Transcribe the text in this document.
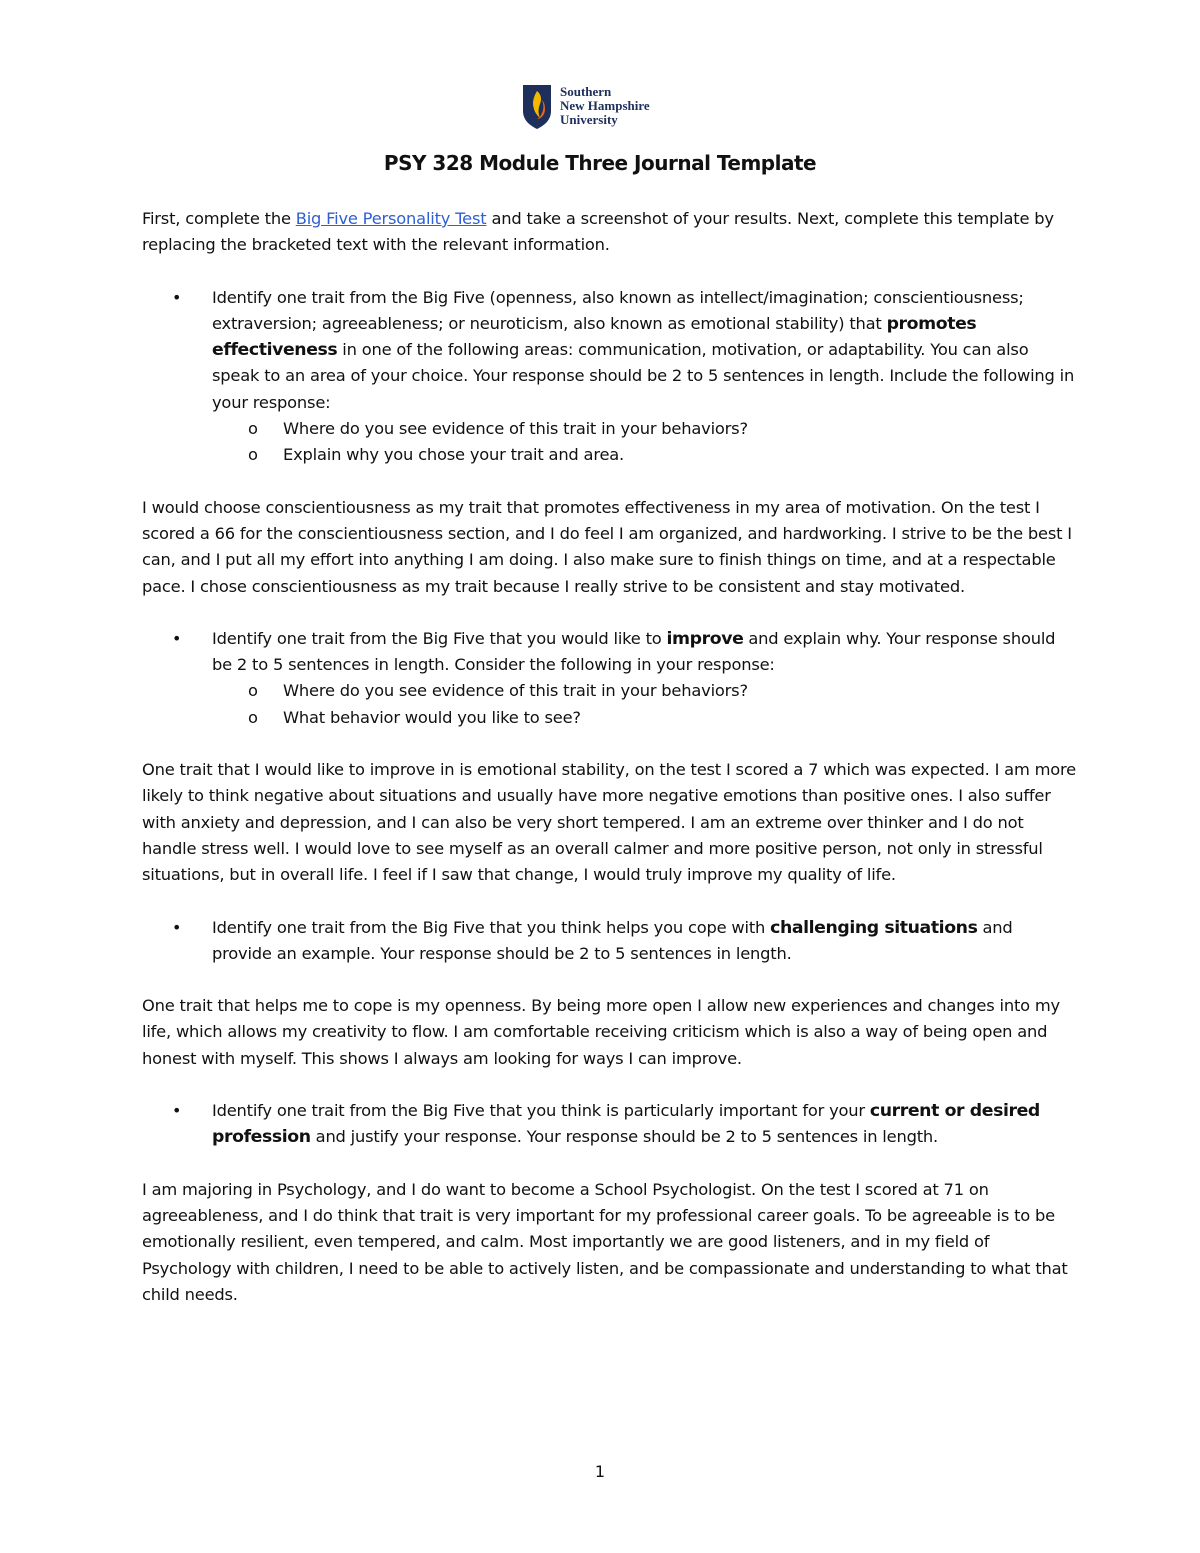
Southern
New Hampshire
University
PSY 328 Module Three Journal Template

First, complete the Big Five Personality Test and take a screenshot of your results. Next, complete this template by replacing the bracketed text with the relevant information.

• Identify one trait from the Big Five (openness, also known as intellect/imagination; conscientiousness; extraversion; agreeableness; or neuroticism, also known as emotional stability) that promotes effectiveness in one of the following areas: communication, motivation, or adaptability. You can also speak to an area of your choice. Your response should be 2 to 5 sentences in length. Include the following in your response:

o Where do you see evidence of this trait in your behaviors?
o Explain why you chose your trait and area.

I would choose conscientiousness as my trait that promotes effectiveness in my area of motivation. On the test I scored a 66 for the conscientiousness section, and I do feel I am organized, and hardworking. I strive to be the best I can, and I put all my effort into anything I am doing. I also make sure to finish things on time, and at a respectable pace. I chose conscientiousness as my trait because I really strive to be consistent and stay motivated.

• Identify one trait from the Big Five that you would like to improve and explain why. Your response should be 2 to 5 sentences in length. Consider the following in your response:

o Where do you see evidence of this trait in your behaviors?
o What behavior would you like to see?

One trait that I would like to improve in is emotional stability, on the test I scored a 7 which was expected. I am more likely to think negative about situations and usually have more negative emotions than positive ones. I also suffer with anxiety and depression, and I can also be very short tempered. I am an extreme over thinker and I do not handle stress well. I would love to see myself as an overall calmer and more positive person, not only in stressful situations, but in overall life. I feel if I saw that change, I would truly improve my quality of life.

• Identify one trait from the Big Five that you think helps you cope with challenging situations and provide an example. Your response should be 2 to 5 sentences in length.

One trait that helps me to cope is my openness. By being more open I allow new experiences and changes into my life, which allows my creativity to flow. I am comfortable receiving criticism which is also a way of being open and honest with myself. This shows I always am looking for ways I can improve.

• Identify one trait from the Big Five that you think is particularly important for your current or desired profession and justify your response. Your response should be 2 to 5 sentences in length.

I am majoring in Psychology, and I do want to become a School Psychologist. On the test I scored at 71 on agreeableness, and I do think that trait is very important for my professional career goals. To be agreeable is to be emotionally resilient, even tempered, and calm. Most importantly we are good listeners, and in my field of Psychology with children, I need to be able to actively listen, and be compassionate and understanding to what that child needs.

1
